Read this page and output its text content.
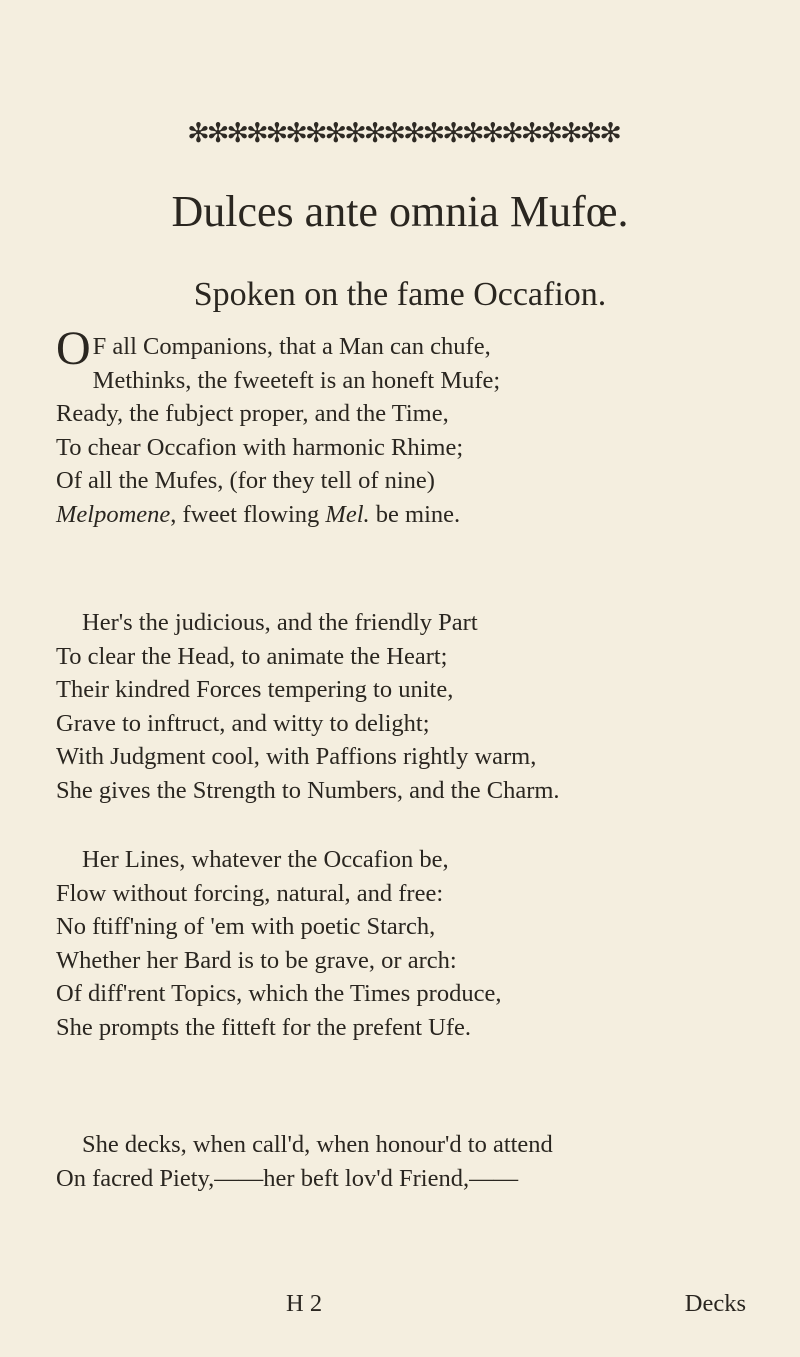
✻✻✻✻✻✻✻✻✻✻✻✻✻✻✻✻✻✻✻✻✻✻
Dulces ante omnia Mufœ.
Spoken on the fame Occafion.
O F all Companions, that a Man can chufe,
Methinks, the fweeteft is an honeft Mufe;
Ready, the fubject proper, and the Time,
To chear Occafion with harmonic Rhime;
Of all the Mufes, (for they tell of nine)
Melpomene, fweet flowing Mel. be mine.
Her's the judicious, and the friendly Part
To clear the Head, to animate the Heart;
Their kindred Forces tempering to unite,
Grave to inftruct, and witty to delight;
With Judgment cool, with Paffions rightly warm,
She gives the Strength to Numbers, and the Charm.
Her Lines, whatever the Occafion be,
Flow without forcing, natural, and free:
No ftiff'ning of 'em with poetic Starch,
Whether her Bard is to be grave, or arch:
Of diff'rent Topics, which the Times produce,
She prompts the fitteft for the prefent Ufe.
She decks, when call'd, when honour'd to attend
On facred Piety,——her beft lov'd Friend,——
H 2	Decks
